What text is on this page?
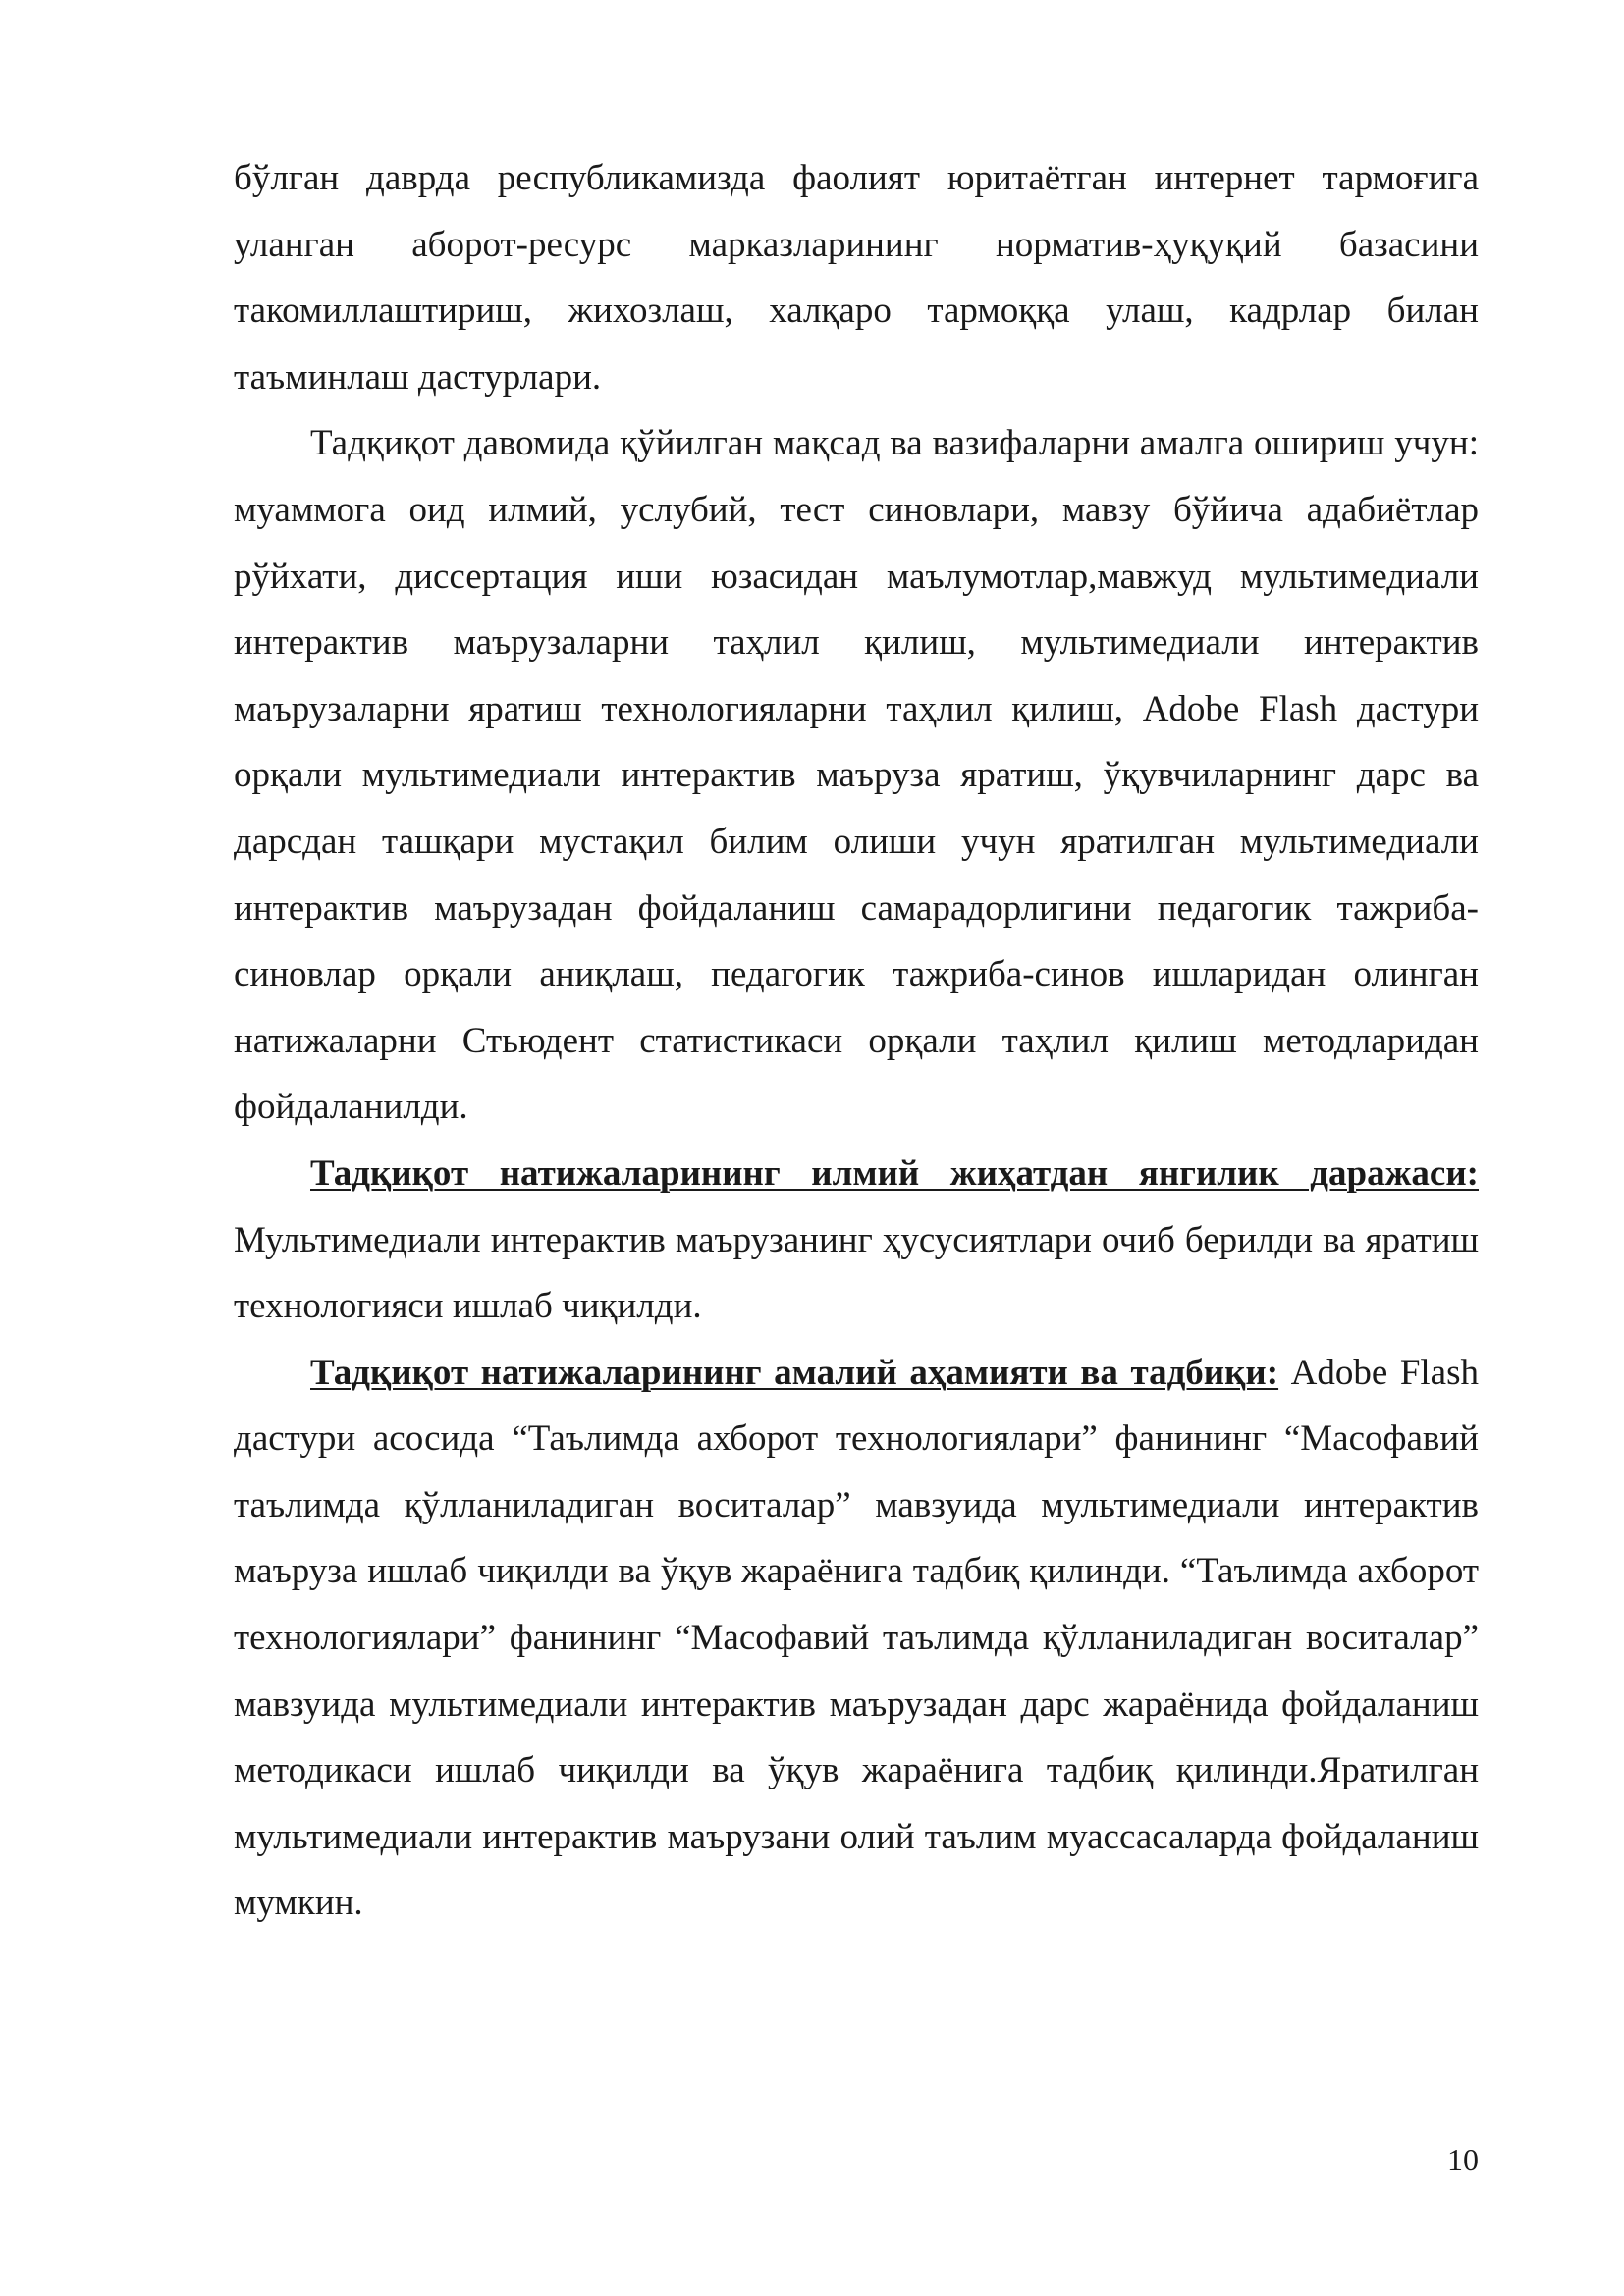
бўлган даврда республикамизда фаолият юритаётган интернет тармоғига уланган аборот-ресурс марказларининг норматив-ҳуқуқий базасини такомиллаштириш, жихозлаш, халқаро тармоққа улаш, кадрлар билан таъминлаш дастурлари.

Тадқиқот давомида қўйилган мақсад ва вазифаларни амалга ошириш учун: муаммога оид илмий, услубий, тест синовлари, мавзу бўйича адабиётлар рўйхати, диссертация иши юзасидан маълумотлар,мавжуд мультимедиали интерактив маърузаларни таҳлил қилиш, мультимедиали интерактив маърузаларни яратиш технологияларни таҳлил қилиш, Adobe Flash дастури орқали мультимедиали интерактив маъруза яратиш, ўқувчиларнинг дарс ва дарсдан ташқари мустақил билим олиши учун яратилган мультимедиали интерактив маърузадан фойдаланиш самарадорлигини педагогик тажриба-синовлар орқали аниқлаш, педагогик тажриба-синов ишларидан олинган натижаларни Стьюдент статистикаси орқали таҳлил қилиш методларидан фойдаланилди.

Тадқиқот натижаларининг илмий жиҳатдан янгилик даражаси: Мультимедиали интерактив маърузанинг ҳусусиятлари очиб берилди ва яратиш технологияси ишлаб чиқилди.

Тадқиқот натижаларининг амалий аҳамияти ва тадбиқи: Adobe Flash дастури асосида “Таълимда ахборот технологиялари” фанининг “Масофавий таълимда қўлланиладиган воситалар” мавзуида мультимедиали интерактив маъруза ишлаб чиқилди ва ўқув жараёнига тадбиқ қилинди. “Таълимда ахборот технологиялари” фанининг “Масофавий таълимда қўлланиладиган воситалар” мавзуида мультимедиали интерактив маърузадан дарс жараёнида фойдаланиш методикаси ишлаб чиқилди ва ўқув жараёнига тадбиқ қилинди.Яратилган мультимедиали интерактив маърузани олий таълим муассасаларда фойдаланиш мумкин.

10
